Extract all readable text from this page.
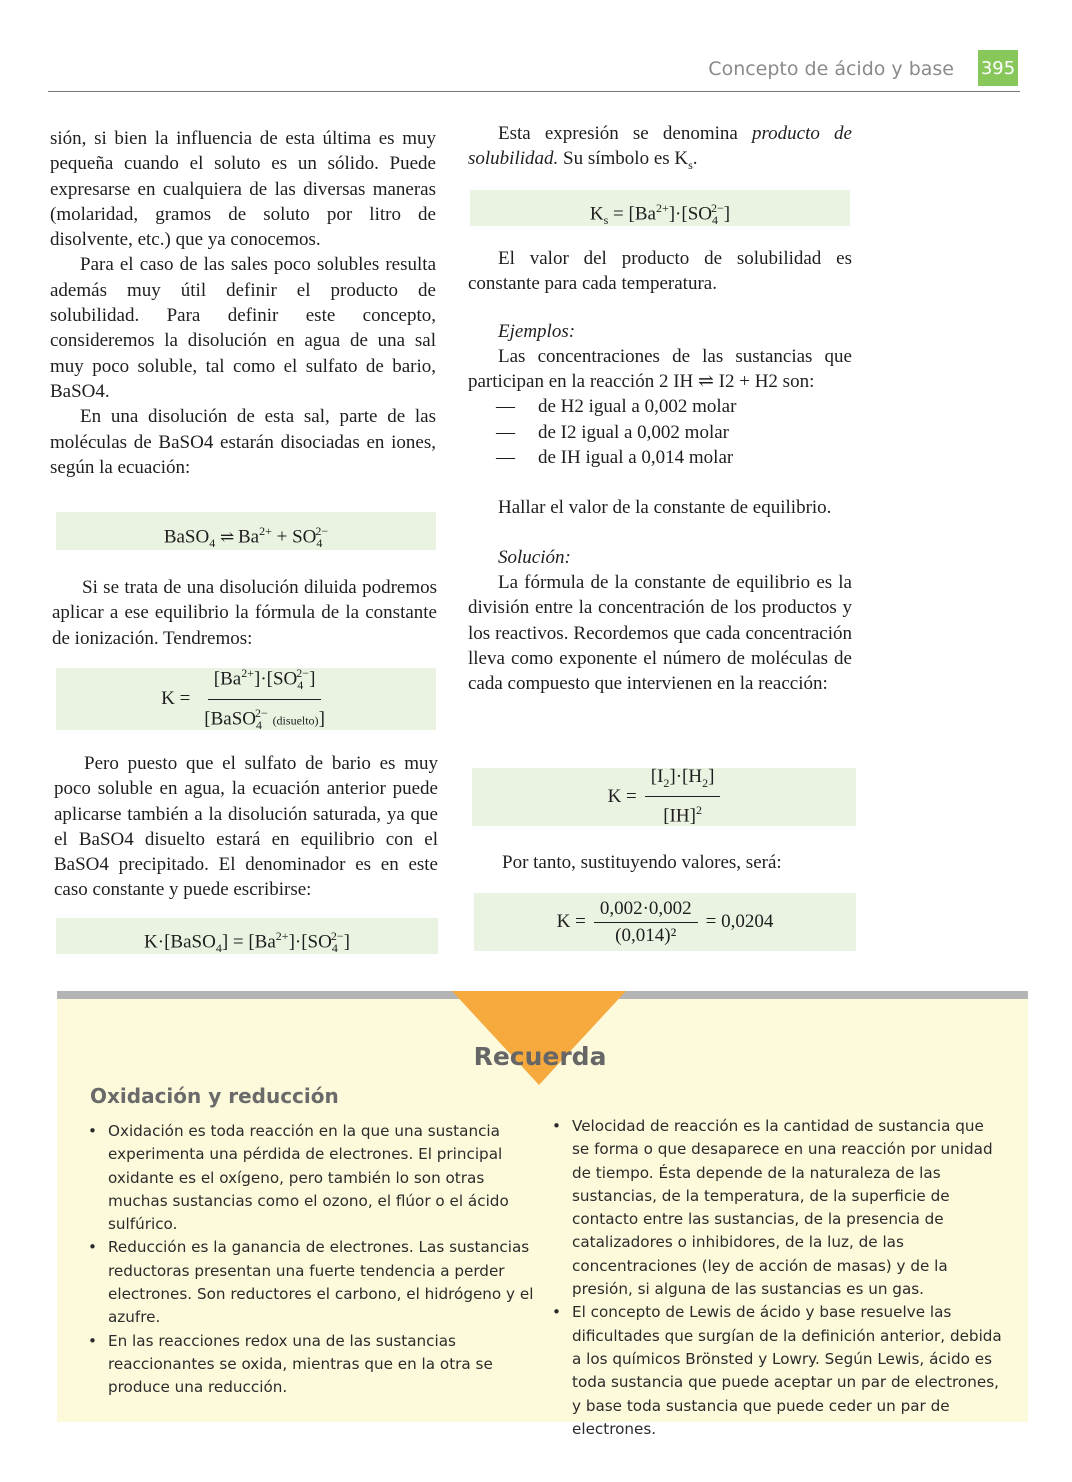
Concepto de ácido y base 395

sión, si bien la influencia de esta última es muy pequeña cuando el soluto es un sólido. Puede expresarse en cualquiera de las diversas maneras (molaridad, gramos de soluto por litro de disolvente, etc.) que ya conocemos.

Para el caso de las sales poco solubles resulta además muy útil definir el producto de solubilidad. Para definir este concepto, consideremos la disolución en agua de una sal muy poco soluble, tal como el sulfato de bario, BaSO4.

En una disolución de esta sal, parte de las moléculas de BaSO4 estarán disociadas en iones, según la ecuación:

BaSO$_4$ ⇌ $Ba^{2+} + SO_4^{2-}$

Si se trata de una disolución diluida podremos aplicar a ese equilibrio la fórmula de la constante de ionización. Tendremos:

$K = \frac{[Ba^{2+}]\cdot[SO_4^{2-}]}{[BaSO_4^{2-} (disuelto)]}$

Pero puesto que el sulfato de bario es muy poco soluble en agua, la ecuación anterior puede aplicarse también a la disolución saturada, ya que el BaSO4 disuelto estará en equilibrio con el BaSO4 precipitado. El denominador es en este caso constante y puede escribirse:

K·[BaSO$_4$] = $[Ba^{2+}]\cdot[SO_4^{2-}]$

Esta expresión se denomina producto de solubilidad. Su símbolo es $K_s$.

$K_s = [Ba^{2+}]\cdot[SO_4^{2-}]$

El valor del producto de solubilidad es constante para cada temperatura.

Ejemplos:

Las concentraciones de las sustancias que participan en la reacción 2 IH ⇌ I2 + H2 son:

—	de H2 igual a 0,002 molar
—	de I2 igual a 0,002 molar
—	de IH igual a 0,014 molar

Hallar el valor de la constante de equilibrio.

Solución:

La fórmula de la constante de equilibrio es la división entre la concentración de los productos y los reactivos. Recordemos que cada concentración lleva como exponente el número de moléculas de cada compuesto que intervienen en la reacción:

$K = \frac{[I_2]\cdot[H_2]}{[IH]^2}$

Por tanto, sustituyendo valores, será:

$K = \frac{0,002\cdot 0,002}{\text{(0,014)²}} = 0,0204$
Recuerda
Oxidación y reducción
• Oxidación es toda reacción en la que una sustancia experimenta una pérdida de electrones. El principal oxidante es el oxígeno, pero también lo son otras muchas sustancias como el ozono, el flúor o el ácido sulfúrico.
• Reducción es la ganancia de electrones. Las sustancias reductoras presentan una fuerte tendencia a perder electrones. Son reductores el carbono, el hidrógeno y el azufre.
• En las reacciones redox una de las sustancias reaccionantes se oxida, mientras que en la otra se produce una reducción.
• Velocidad de reacción es la cantidad de sustancia que se forma o que desaparece en una reacción por unidad de tiempo. Ésta depende de la naturaleza de las sustancias, de la temperatura, de la superficie de contacto entre las sustancias, de la presencia de catalizadores o inhibidores, de la luz, de las concentraciones (ley de acción de masas) y de la presión, si alguna de las sustancias es un gas.
• El concepto de Lewis de ácido y base resuelve las dificultades que surgían de la definición anterior, debida a los químicos Brönsted y Lowry. Según Lewis, ácido es toda sustancia que puede aceptar un par de electrones, y base toda sustancia que puede ceder un par de electrones.
